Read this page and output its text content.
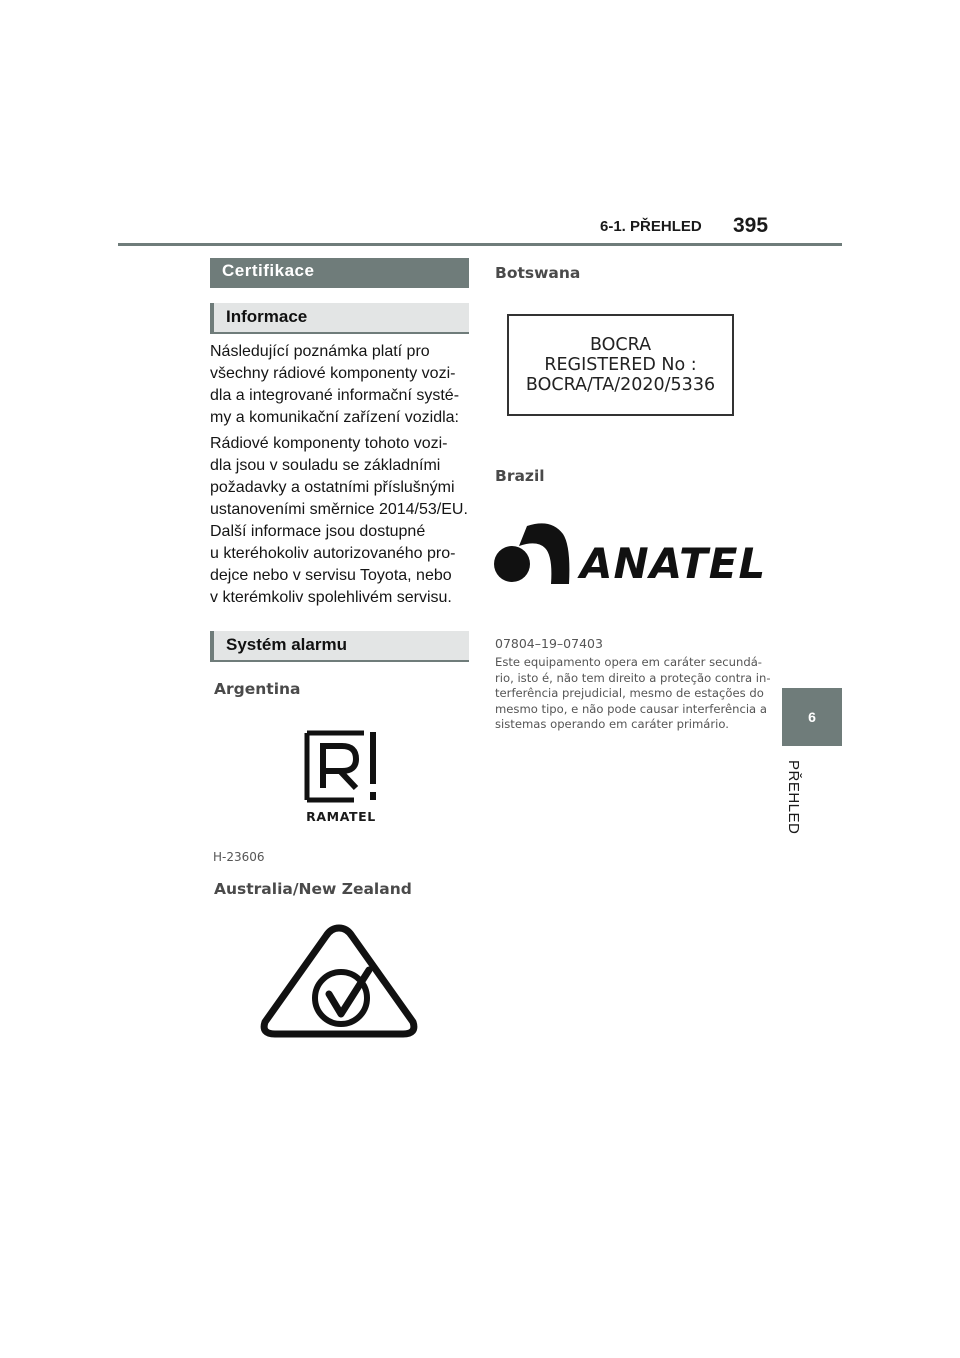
6-1. PŘEHLED 395
6
PŘEHLED
Certifikace
Informace
Následující poznámka platí pro
všechny rádiové komponenty vozi-
dla a integrované informační systé-
my a komunikační zařízení vozidla:
Rádiové komponenty tohoto vozi-
dla jsou v souladu se základními
požadavky a ostatními příslušnými
ustanoveními směrnice 2014/53/EU.
Další informace jsou dostupné
u kteréhokoliv autorizovaného pro-
dejce nebo v servisu Toyota, nebo
v kterémkoliv spolehlivém servisu.
Systém alarmu
Argentina
RAMATEL
H-23606
Australia/New Zealand
Botswana
BOCRA
REGISTERED No :
BOCRA/TA/2020/5336
Brazil
ANATEL
07804–19–07403
Este equipamento opera em caráter secundá-
rio, isto é, não tem direito a proteção contra in-
terferência prejudicial, mesmo de estações do
mesmo tipo, e não pode causar interferência a
sistemas operando em caráter primário.
